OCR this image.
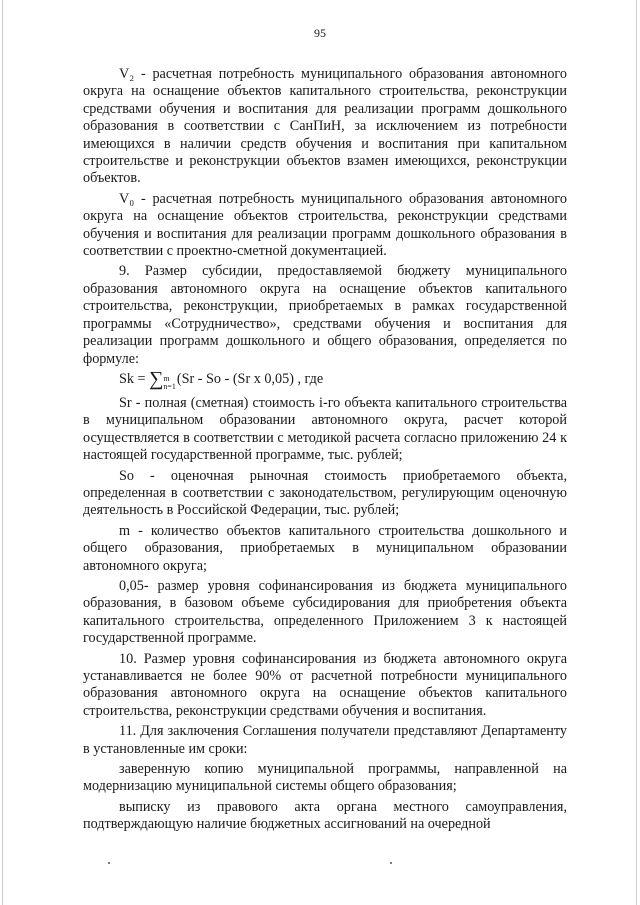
95

V₂ - расчетная потребность муниципального образования автономного округа на оснащение объектов капитального строительства, реконструкции средствами обучения и воспитания для реализации программ дошкольного образования в соответствии с СанПиН, за исключением из потребности имеющихся в наличии средств обучения и воспитания при капитальном строительстве и реконструкции объектов взамен имеющихся, реконструкции объектов.

V₀ - расчетная потребность муниципального образования автономного округа на оснащение объектов строительства, реконструкции средствами обучения и воспитания для реализации программ дошкольного образования в соответствии с проектно-сметной документацией.

9. Размер субсидии, предоставляемой бюджету муниципального образования автономного округа на оснащение объектов капитального строительства, реконструкции, приобретаемых в рамках государственной программы «Сотрудничество», средствами обучения и воспитания для реализации программ дошкольного и общего образования, определяется по формуле:

Sk = ∑ m
n=1 (Sr - So - (Sr x 0,05) , где

Sr - полная (сметная) стоимость i-го объекта капитального строительства в муниципальном образовании автономного округа, расчет которой осуществляется в соответствии с методикой расчета согласно приложению 24 к настоящей государственной программе, тыс. рублей;

So - оценочная рыночная стоимость приобретаемого объекта, определенная в соответствии с законодательством, регулирующим оценочную деятельность в Российской Федерации, тыс. рублей;

m - количество объектов капитального строительства дошкольного и общего образования, приобретаемых в муниципальном образовании автономного округа;

0,05- размер уровня софинансирования из бюджета муниципального образования, в базовом объеме субсидирования для приобретения объекта капитального строительства, определенного Приложением 3 к настоящей государственной программе.

10. Размер уровня софинансирования из бюджета автономного округа устанавливается не более 90% от расчетной потребности муниципального образования автономного округа на оснащение объектов капитального строительства, реконструкции средствами обучения и воспитания.

11. Для заключения Соглашения получатели представляют Департаменту в установленные им сроки:

заверенную копию муниципальной программы, направленной на модернизацию муниципальной системы общего образования;

выписку из правового акта органа местного самоуправления, подтверждающую наличие бюджетных ассигнований на очередной
